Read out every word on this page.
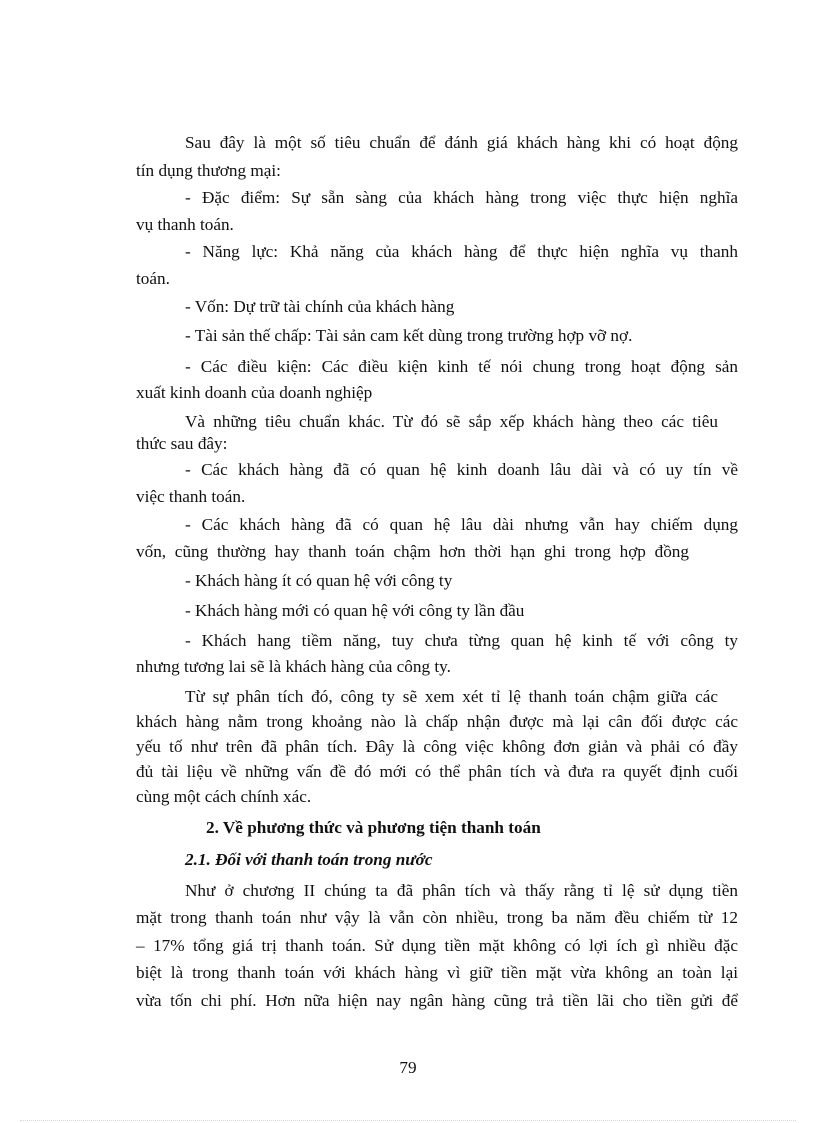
Sau đây là một số tiêu chuẩn để đánh giá khách hàng khi có hoạt động

tín dụng thương mại:

- Đặc điểm: Sự sẵn sàng của khách hàng trong việc thực hiện nghĩa

vụ thanh toán.

- Năng lực: Khả năng của khách hàng để thực hiện nghĩa vụ thanh

toán.

- Vốn: Dự trữ tài chính của khách hàng

- Tài sản thế chấp: Tài sản cam kết dùng trong trường hợp vỡ nợ.

- Các điều kiện: Các điều kiện kinh tế nói chung trong hoạt động sản

xuất kinh doanh của doanh nghiệp

Và những tiêu chuẩn khác. Từ đó sẽ sắp xếp khách hàng theo các tiêu

thức sau đây:

- Các khách hàng đã có quan hệ kinh doanh lâu dài và có uy tín về

việc thanh toán.

- Các khách hàng đã có quan hệ lâu dài nhưng vẫn hay chiếm dụng

vốn, cũng thường hay thanh toán chậm hơn thời hạn ghi trong hợp đồng

- Khách hàng ít có quan hệ với công ty

- Khách hàng mới có quan hệ với công ty lần đầu

- Khách hang tiềm năng, tuy chưa từng quan hệ kinh tế với công ty

nhưng tương lai sẽ là khách hàng của công ty.

Từ sự phân tích đó, công ty sẽ xem xét tỉ lệ thanh toán chậm giữa các

khách hàng nằm trong khoảng nào là chấp nhận được mà lại cân đối được các

yếu tố như trên đã phân tích. Đây là công việc không đơn giản và phải có đầy

đủ tài liệu về những vấn đề đó mới có thể phân tích và đưa ra quyết định cuối

cùng một cách chính xác.

2. Về phương thức và phương tiện thanh toán

2.1. Đối với thanh toán trong nước

Như ở chương II chúng ta đã phân tích và thấy rằng tỉ lệ sử dụng tiền

mặt trong thanh toán như vậy là vẫn còn nhiều, trong ba năm đều chiếm từ 12

– 17% tổng giá trị thanh toán. Sử dụng tiền mặt không có lợi ích gì nhiều đặc

biệt là trong thanh toán với khách hàng vì giữ tiền mặt vừa không an toàn lại

vừa tốn chi phí. Hơn nữa hiện nay ngân hàng cũng trả tiền lãi cho tiền gửi để

79
